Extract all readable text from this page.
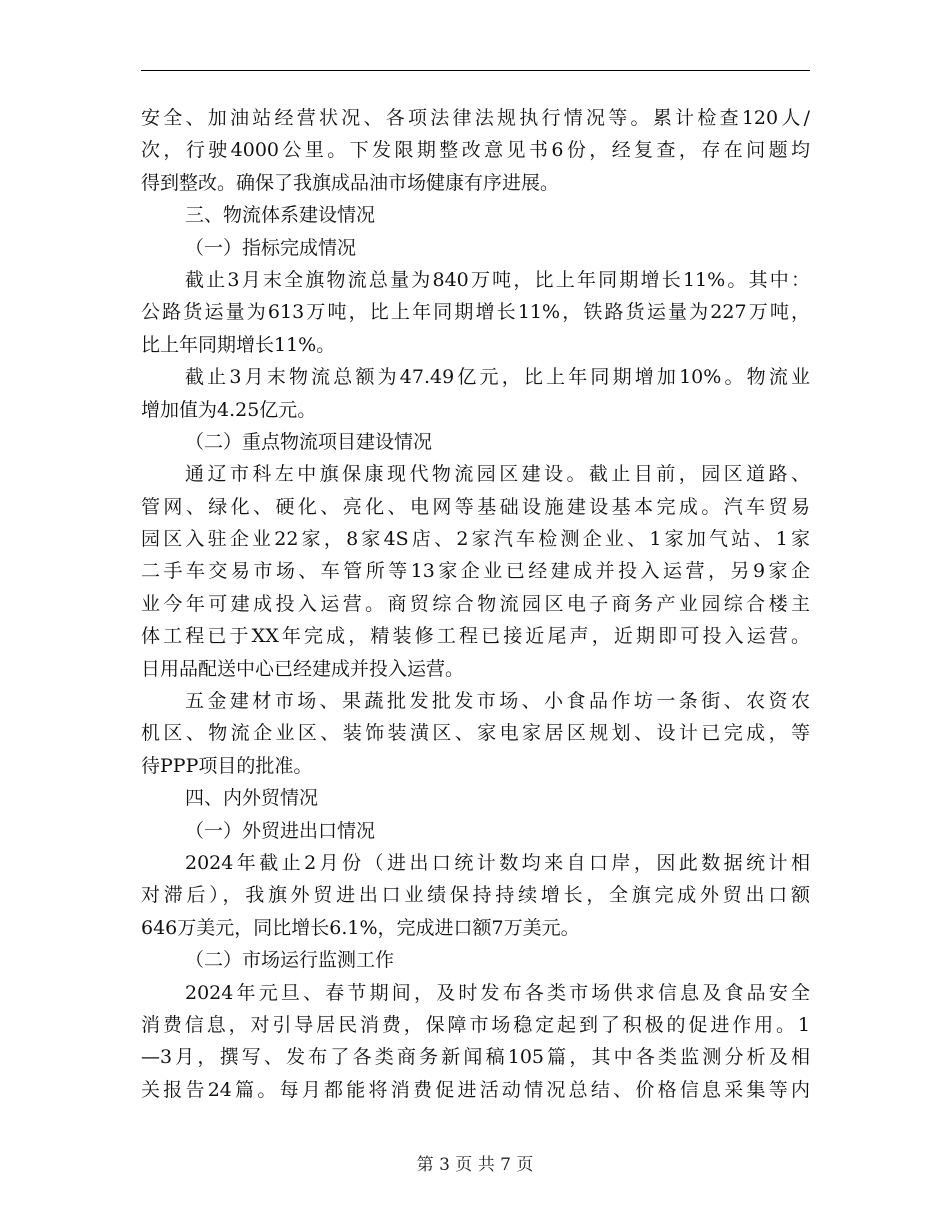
安全、加油站经营状况、各项法律法规执行情况等。累计检查120人/
次，行驶4000公里。下发限期整改意见书6份，经复查，存在问题均
得到整改。确保了我旗成品油市场健康有序进展。
三、物流体系建设情况
（一）指标完成情况
截止3月末全旗物流总量为840万吨，比上年同期增长11%。其中：
公路货运量为613万吨，比上年同期增长11%，铁路货运量为227万吨，
比上年同期增长11%。
截止3月末物流总额为47.49亿元，比上年同期增加10%。物流业
增加值为4.25亿元。
（二）重点物流项目建设情况
通辽市科左中旗保康现代物流园区建设。截止目前，园区道路、
管网、绿化、硬化、亮化、电网等基础设施建设基本完成。汽车贸易
园区入驻企业22家，8家4S店、2家汽车检测企业、1家加气站、1家
二手车交易市场、车管所等13家企业已经建成并投入运营，另9家企
业今年可建成投入运营。商贸综合物流园区电子商务产业园综合楼主
体工程已于XX年完成，精装修工程已接近尾声，近期即可投入运营。
日用品配送中心已经建成并投入运营。
五金建材市场、果蔬批发批发市场、小食品作坊一条街、农资农
机区、物流企业区、装饰装潢区、家电家居区规划、设计已完成，等
待PPP项目的批准。
四、内外贸情况
（一）外贸进出口情况
2024年截止2月份（进出口统计数均来自口岸，因此数据统计相
对滞后），我旗外贸进出口业绩保持持续增长，全旗完成外贸出口额
646万美元，同比增长6.1%，完成进口额7万美元。
（二）市场运行监测工作
2024年元旦、春节期间，及时发布各类市场供求信息及食品安全
消费信息，对引导居民消费，保障市场稳定起到了积极的促进作用。1
—3月，撰写、发布了各类商务新闻稿105篇，其中各类监测分析及相
关报告24篇。每月都能将消费促进活动情况总结、价格信息采集等内
第 3 页 共 7 页
